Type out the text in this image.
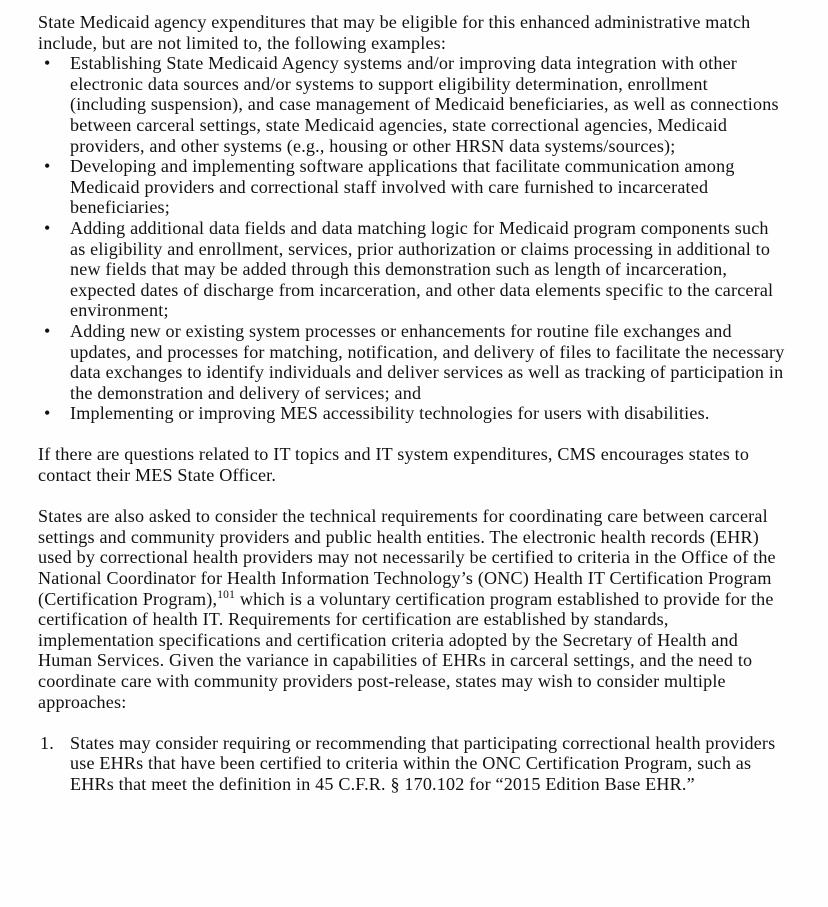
State Medicaid agency expenditures that may be eligible for this enhanced administrative match include, but are not limited to, the following examples:

• Establishing State Medicaid Agency systems and/or improving data integration with other electronic data sources and/or systems to support eligibility determination, enrollment (including suspension), and case management of Medicaid beneficiaries, as well as connections between carceral settings, state Medicaid agencies, state correctional agencies, Medicaid providers, and other systems (e.g., housing or other HRSN data systems/sources);
• Developing and implementing software applications that facilitate communication among Medicaid providers and correctional staff involved with care furnished to incarcerated beneficiaries;
• Adding additional data fields and data matching logic for Medicaid program components such as eligibility and enrollment, services, prior authorization or claims processing in additional to new fields that may be added through this demonstration such as length of incarceration, expected dates of discharge from incarceration, and other data elements specific to the carceral environment;
• Adding new or existing system processes or enhancements for routine file exchanges and updates, and processes for matching, notification, and delivery of files to facilitate the necessary data exchanges to identify individuals and deliver services as well as tracking of participation in the demonstration and delivery of services; and
• Implementing or improving MES accessibility technologies for users with disabilities.

If there are questions related to IT topics and IT system expenditures, CMS encourages states to contact their MES State Officer.

States are also asked to consider the technical requirements for coordinating care between carceral settings and community providers and public health entities. The electronic health records (EHR) used by correctional health providers may not necessarily be certified to criteria in the Office of the National Coordinator for Health Information Technology’s (ONC) Health IT Certification Program (Certification Program),$^{101}$ which is a voluntary certification program established to provide for the certification of health IT. Requirements for certification are established by standards, implementation specifications and certification criteria adopted by the Secretary of Health and Human Services. Given the variance in capabilities of EHRs in carceral settings, and the need to coordinate care with community providers post-release, states may wish to consider multiple approaches:

1. States may consider requiring or recommending that participating correctional health providers use EHRs that have been certified to criteria within the ONC Certification Program, such as EHRs that meet the definition in 45 C.F.R. § 170.102 for “2015 Edition Base EHR.”
